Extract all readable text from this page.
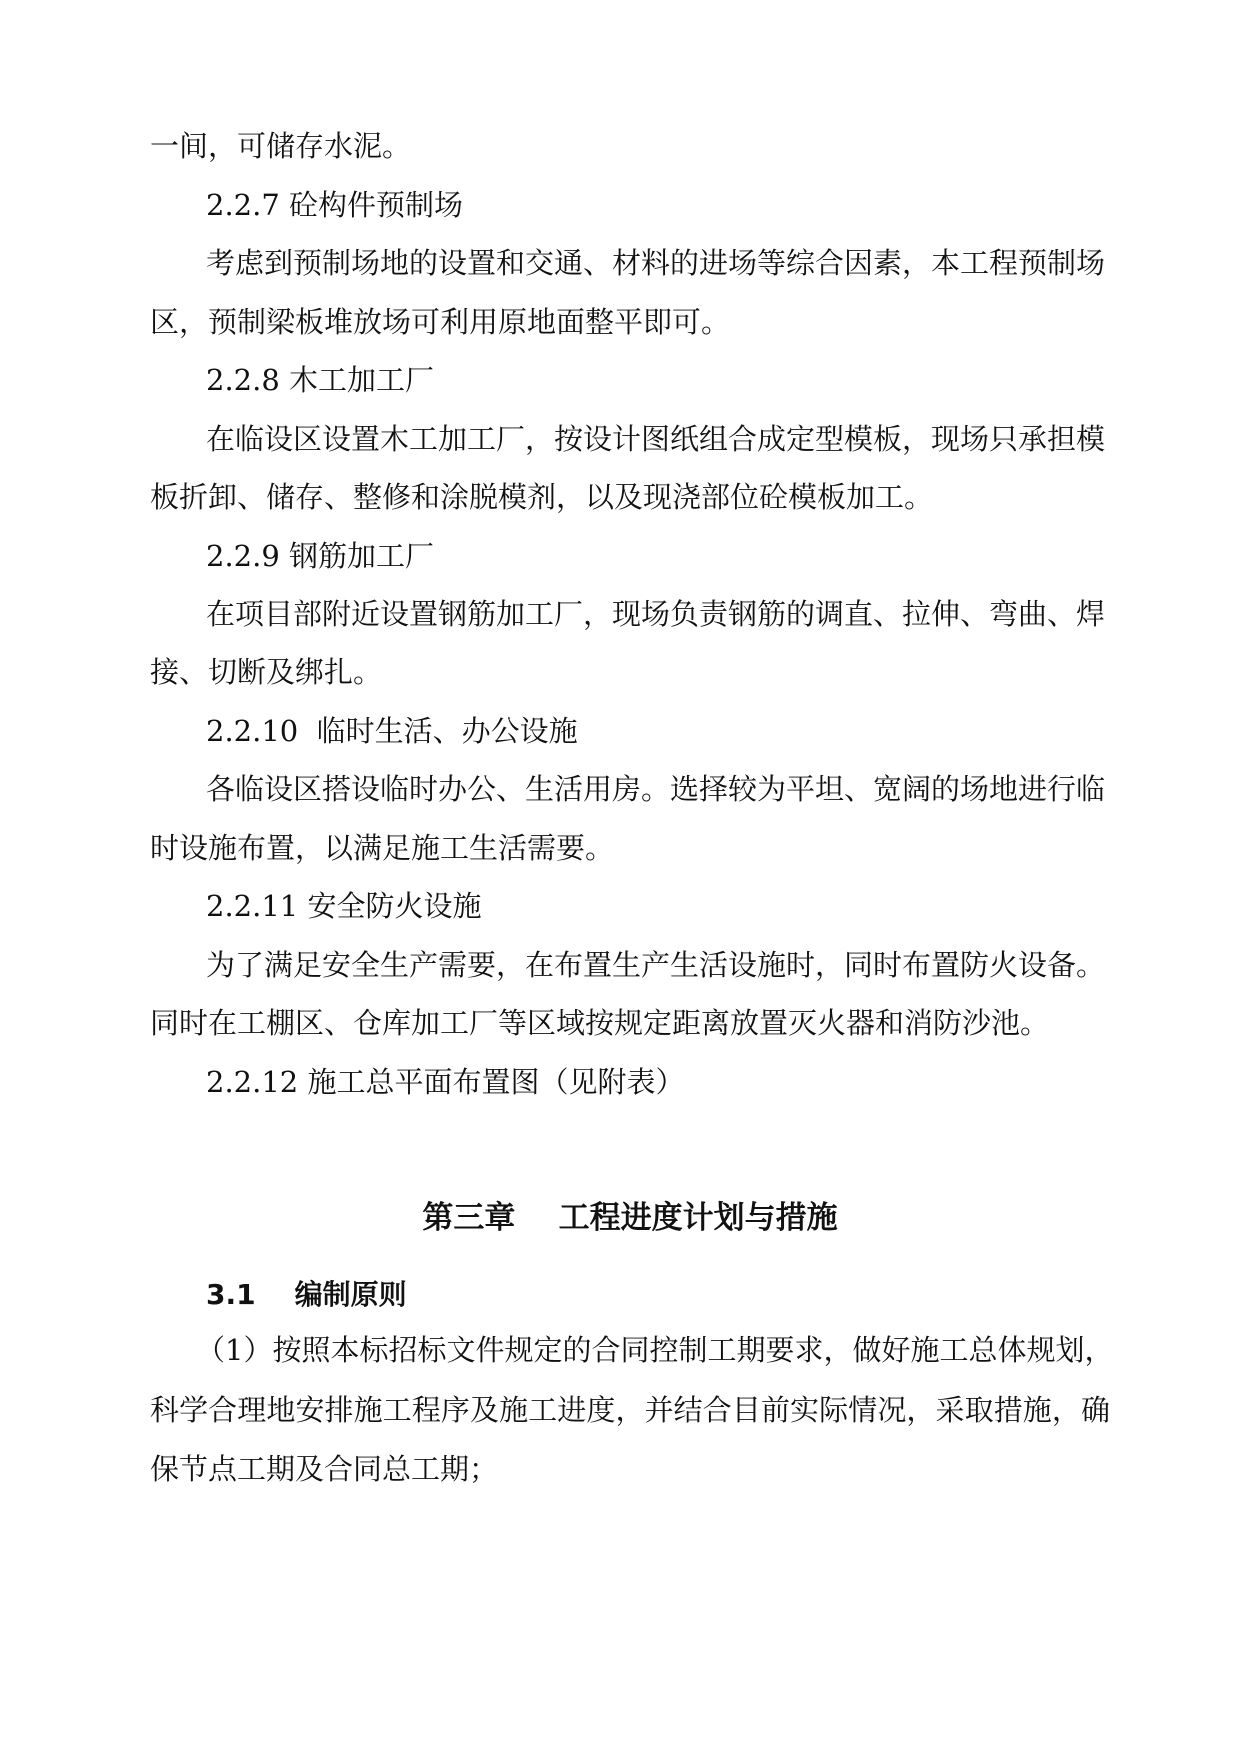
一间，可储存水泥。
2.2.7 砼构件预制场
考虑到预制场地的设置和交通、材料的进场等综合因素，本工程预制场
区，预制梁板堆放场可利用原地面整平即可。
2.2.8 木工加工厂
在临设区设置木工加工厂，按设计图纸组合成定型模板，现场只承担模
板折卸、储存、整修和涂脱模剂，以及现浇部位砼模板加工。
2.2.9 钢筋加工厂
在项目部附近设置钢筋加工厂，现场负责钢筋的调直、拉伸、弯曲、焊
接、切断及绑扎。
2.2.10  临时生活、办公设施
各临设区搭设临时办公、生活用房。选择较为平坦、宽阔的场地进行临
时设施布置，以满足施工生活需要。
2.2.11 安全防火设施
为了满足安全生产需要，在布置生产生活设施时，同时布置防火设备。
同时在工棚区、仓库加工厂等区域按规定距离放置灭火器和消防沙池。
2.2.12 施工总平面布置图（见附表）
第三章    工程进度计划与措施
3.1    编制原则
（1）按照本标招标文件规定的合同控制工期要求，做好施工总体规划，
科学合理地安排施工程序及施工进度，并结合目前实际情况，采取措施，确
保节点工期及合同总工期；
